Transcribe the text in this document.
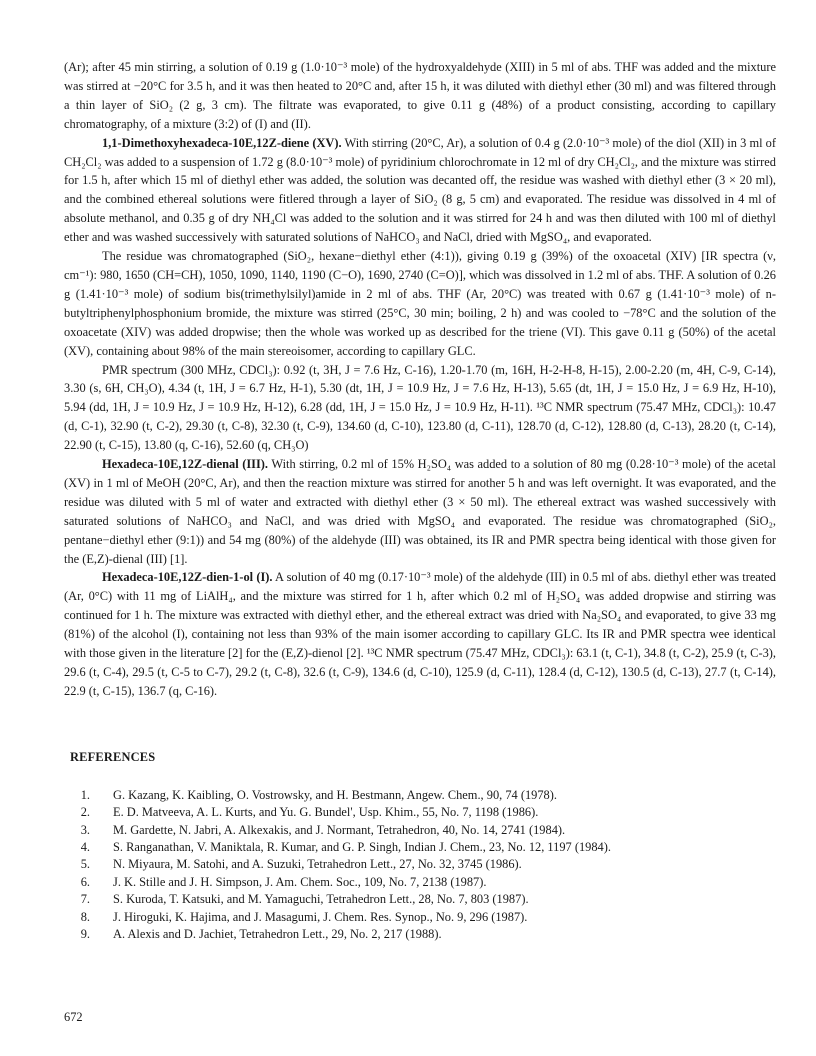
(Ar); after 45 min stirring, a solution of 0.19 g (1.0·10⁻³ mole) of the hydroxyaldehyde (XIII) in 5 ml of abs. THF was added and the mixture was stirred at −20°C for 3.5 h, and it was then heated to 20°C and, after 15 h, it was diluted with diethyl ether (30 ml) and was filtered through a thin layer of SiO₂ (2 g, 3 cm). The filtrate was evaporated, to give 0.11 g (48%) of a product consisting, according to capillary chromatography, of a mixture (3:2) of (I) and (II).

1,1-Dimethoxyhexadeca-10E,12Z-diene (XV). With stirring (20°C, Ar), a solution of 0.4 g (2.0·10⁻³ mole) of the diol (XII) in 3 ml of CH₂Cl₂ was added to a suspension of 1.72 g (8.0·10⁻³ mole) of pyridinium chlorochromate in 12 ml of dry CH₂Cl₂, and the mixture was stirred for 1.5 h, after which 15 ml of diethyl ether was added, the solution was decanted off, the residue was washed with diethyl ether (3 × 20 ml), and the combined ethereal solutions were fitlered through a layer of SiO₂ (8 g, 5 cm) and evaporated. The residue was dissolved in 4 ml of absolute methanol, and 0.35 g of dry NH₄Cl was added to the solution and it was stirred for 24 h and was then diluted with 100 ml of diethyl ether and was washed successively with saturated solutions of NaHCO₃ and NaCl, dried with MgSO₄, and evaporated.

The residue was chromatographed (SiO₂, hexane−diethyl ether (4:1)), giving 0.19 g (39%) of the oxoacetal (XIV) [IR spectra (ν, cm⁻¹): 980, 1650 (CH=CH), 1050, 1090, 1140, 1190 (C−O), 1690, 2740 (C=O)], which was dissolved in 1.2 ml of abs. THF. A solution of 0.26 g (1.41·10⁻³ mole) of sodium bis(trimethylsilyl)amide in 2 ml of abs. THF (Ar, 20°C) was treated with 0.67 g (1.41·10⁻³ mole) of n-butyltriphenylphosphonium bromide, the mixture was stirred (25°C, 30 min; boiling, 2 h) and was cooled to −78°C and the solution of the oxoacetate (XIV) was added dropwise; then the whole was worked up as described for the triene (VI). This gave 0.11 g (50%) of the acetal (XV), containing about 98% of the main stereoisomer, according to capillary GLC.

PMR spectrum (300 MHz, CDCl₃): 0.92 (t, 3H, J = 7.6 Hz, C-16), 1.20-1.70 (m, 16H, H-2-H-8, H-15), 2.00-2.20 (m, 4H, C-9, C-14), 3.30 (s, 6H, CH₃O), 4.34 (t, 1H, J = 6.7 Hz, H-1), 5.30 (dt, 1H, J = 10.9 Hz, J = 7.6 Hz, H-13), 5.65 (dt, 1H, J = 15.0 Hz, J = 6.9 Hz, H-10), 5.94 (dd, 1H, J = 10.9 Hz, J = 10.9 Hz, H-12), 6.28 (dd, 1H, J = 15.0 Hz, J = 10.9 Hz, H-11). ¹³C NMR spectrum (75.47 MHz, CDCl₃): 10.47 (d, C-1), 32.90 (t, C-2), 29.30 (t, C-8), 32.30 (t, C-9), 134.60 (d, C-10), 123.80 (d, C-11), 128.70 (d, C-12), 128.80 (d, C-13), 28.20 (t, C-14), 22.90 (t, C-15), 13.80 (q, C-16), 52.60 (q, CH₃O)

Hexadeca-10E,12Z-dienal (III). With stirring, 0.2 ml of 15% H₂SO₄ was added to a solution of 80 mg (0.28·10⁻³ mole) of the acetal (XV) in 1 ml of MeOH (20°C, Ar), and then the reaction mixture was stirred for another 5 h and was left overnight. It was evaporated, and the residue was diluted with 5 ml of water and extracted with diethyl ether (3 × 50 ml). The ethereal extract was washed successively with saturated solutions of NaHCO₃ and NaCl, and was dried with MgSO₄ and evaporated. The residue was chromatographed (SiO₂, pentane−diethyl ether (9:1)) and 54 mg (80%) of the aldehyde (III) was obtained, its IR and PMR spectra being identical with those given for the (E,Z)-dienal (III) [1].

Hexadeca-10E,12Z-dien-1-ol (I). A solution of 40 mg (0.17·10⁻³ mole) of the aldehyde (III) in 0.5 ml of abs. diethyl ether was treated (Ar, 0°C) with 11 mg of LiAlH₄, and the mixture was stirred for 1 h, after which 0.2 ml of H₂SO₄ was added dropwise and stirring was continued for 1 h. The mixture was extracted with diethyl ether, and the ethereal extract was dried with Na₂SO₄ and evaporated, to give 33 mg (81%) of the alcohol (I), containing not less than 93% of the main isomer according to capillary GLC. Its IR and PMR spectra wee identical with those given in the literature [2] for the (E,Z)-dienol [2]. ¹³C NMR spectrum (75.47 MHz, CDCl₃): 63.1 (t, C-1), 34.8 (t, C-2), 25.9 (t, C-3), 29.6 (t, C-4), 29.5 (t, C-5 to C-7), 29.2 (t, C-8), 32.6 (t, C-9), 134.6 (d, C-10), 125.9 (d, C-11), 128.4 (d, C-12), 130.5 (d, C-13), 27.7 (t, C-14), 22.9 (t, C-15), 136.7 (q, C-16).

REFERENCES
1.	G. Kazang, K. Kaibling, O. Vostrowsky, and H. Bestmann, Angew. Chem., 90, 74 (1978).
2.	E. D. Matveeva, A. L. Kurts, and Yu. G. Bundel', Usp. Khim., 55, No. 7, 1198 (1986).
3.	M. Gardette, N. Jabri, A. Alkexakis, and J. Normant, Tetrahedron, 40, No. 14, 2741 (1984).
4.	S. Ranganathan, V. Maniktala, R. Kumar, and G. P. Singh, Indian J. Chem., 23, No. 12, 1197 (1984).
5.	N. Miyaura, M. Satohi, and A. Suzuki, Tetrahedron Lett., 27, No. 32, 3745 (1986).
6.	J. K. Stille and J. H. Simpson, J. Am. Chem. Soc., 109, No. 7, 2138 (1987).
7.	S. Kuroda, T. Katsuki, and M. Yamaguchi, Tetrahedron Lett., 28, No. 7, 803 (1987).
8.	J. Hiroguki, K. Hajima, and J. Masagumi, J. Chem. Res. Synop., No. 9, 296 (1987).
9.	A. Alexis and D. Jachiet, Tetrahedron Lett., 29, No. 2, 217 (1988).
672
